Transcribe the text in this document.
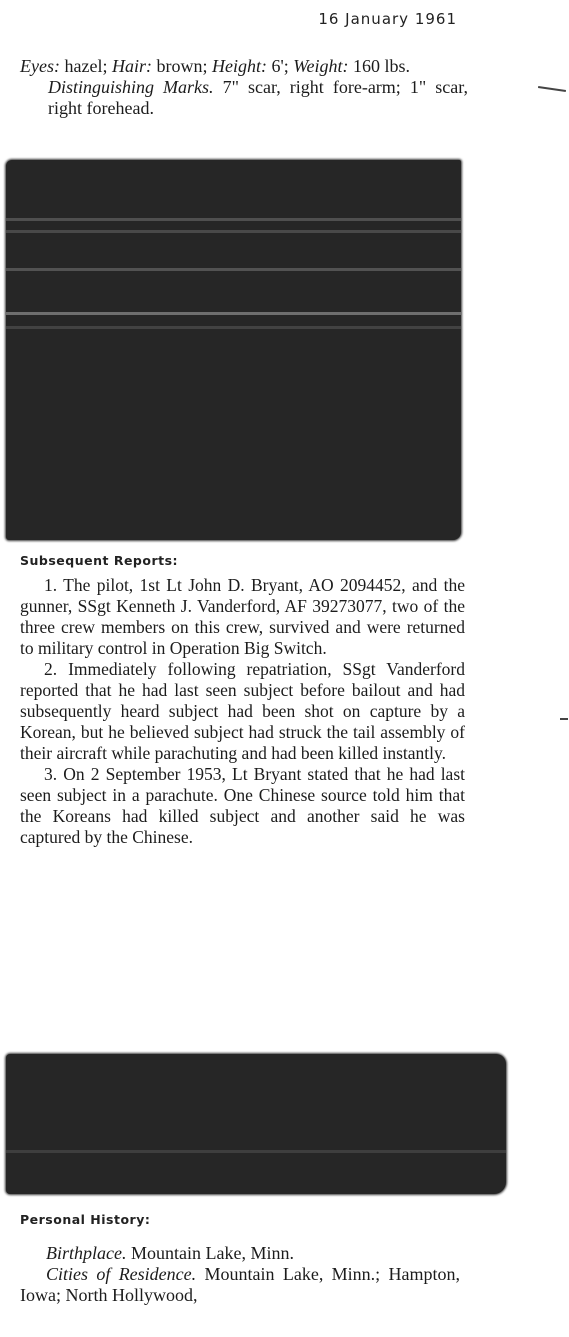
16 January 1961
Eyes: hazel; Hair: brown; Height: 6'; Weight: 160 lbs.
Distinguishing Marks. 7" scar, right fore-arm; 1" scar, right forehead.
Subsequent Reports:

1. The pilot, 1st Lt John D. Bryant, AO 2094452, and the gunner, SSgt Kenneth J. Vanderford, AF 39273077, two of the three crew members on this crew, survived and were returned to military control in Operation Big Switch.

2. Immediately following repatriation, SSgt Vanderford reported that he had last seen subject before bailout and had subsequently heard subject had been shot on capture by a Korean, but he believed subject had struck the tail assembly of their aircraft while parachuting and had been killed instantly.

3. On 2 September 1953, Lt Bryant stated that he had last seen subject in a parachute. One Chinese source told him that the Koreans had killed subject and another said he was captured by the Chinese.

Personal History:
Birthplace. Mountain Lake, Minn.
Cities of Residence. Mountain Lake, Minn.; Hampton, Iowa; North Hollywood,
